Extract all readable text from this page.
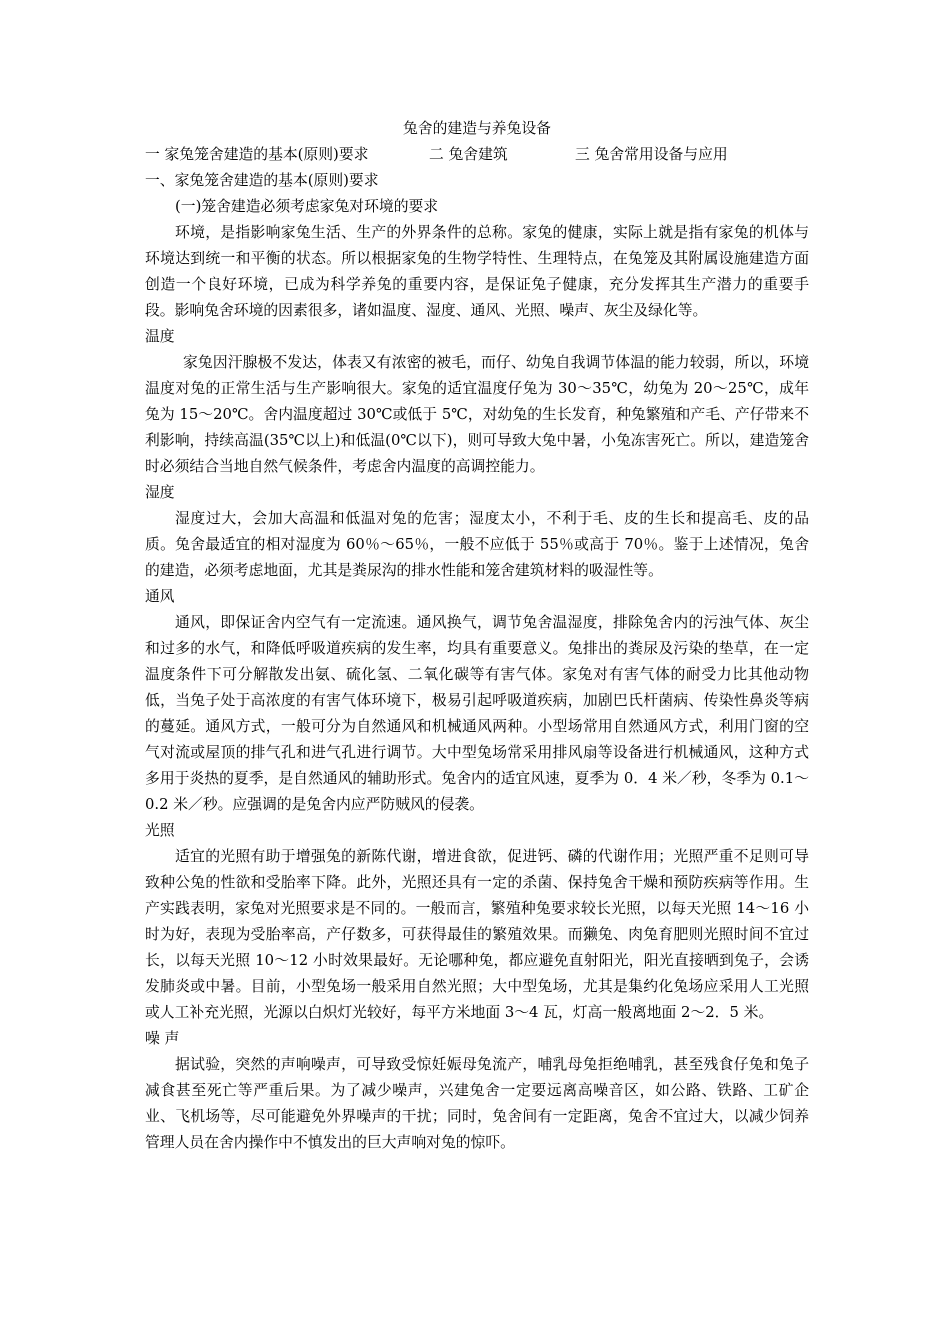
兔舍的建造与养兔设备
一 家兔笼舍建造的基本(原则)要求	二 兔舍建筑	三 兔舍常用设备与应用

一、家兔笼舍建造的基本(原则)要求

(一)笼舍建造必须考虑家兔对环境的要求

环境，是指影响家兔生活、生产的外界条件的总称。家兔的健康，实际上就是指有家兔的机体与环境达到统一和平衡的状态。所以根据家兔的生物学特性、生理特点，在兔笼及其附属设施建造方面创造一个良好环境，已成为科学养兔的重要内容，是保证兔子健康，充分发挥其生产潜力的重要手段。影响兔舍环境的因素很多，诸如温度、湿度、通风、光照、噪声、灰尘及绿化等。

温度

家兔因汗腺极不发达，体表又有浓密的被毛，而仔、幼兔自我调节体温的能力较弱，所以，环境温度对兔的正常生活与生产影响很大。家兔的适宜温度仔兔为 30～35℃，幼兔为 20～25℃，成年兔为 15～20℃。舍内温度超过 30℃或低于 5℃，对幼兔的生长发育，种兔繁殖和产毛、产仔带来不利影响，持续高温(35℃以上)和低温(0℃以下)，则可导致大兔中暑，小兔冻害死亡。所以，建造笼舍时必须结合当地自然气候条件，考虑舍内温度的高调控能力。

湿度

湿度过大，会加大高温和低温对兔的危害；湿度太小，不利于毛、皮的生长和提高毛、皮的品质。兔舍最适宜的相对湿度为 60％～65％，一般不应低于 55％或高于 70％。鉴于上述情况，兔舍的建造，必须考虑地面，尤其是粪尿沟的排水性能和笼舍建筑材料的吸湿性等。

通风

通风，即保证舍内空气有一定流速。通风换气，调节兔舍温湿度，排除兔舍内的污浊气体、灰尘和过多的水气，和降低呼吸道疾病的发生率，均具有重要意义。兔排出的粪尿及污染的垫草，在一定温度条件下可分解散发出氨、硫化氢、二氧化碳等有害气体。家兔对有害气体的耐受力比其他动物低，当兔子处于高浓度的有害气体环境下，极易引起呼吸道疾病，加剧巴氏杆菌病、传染性鼻炎等病的蔓延。通风方式，一般可分为自然通风和机械通风两种。小型场常用自然通风方式，利用门窗的空气对流或屋顶的排气孔和进气孔进行调节。大中型兔场常采用排风扇等设备进行机械通风，这种方式多用于炎热的夏季，是自然通风的辅助形式。兔舍内的适宜风速，夏季为 0．4 米／秒，冬季为 0.1～0.2 米／秒。应强调的是兔舍内应严防贼风的侵袭。

光照

适宜的光照有助于增强兔的新陈代谢，增进食欲，促进钙、磷的代谢作用；光照严重不足则可导致种公兔的性欲和受胎率下降。此外，光照还具有一定的杀菌、保持兔舍干燥和预防疾病等作用。生产实践表明，家兔对光照要求是不同的。一般而言，繁殖种兔要求较长光照，以每天光照 14～16 小时为好，表现为受胎率高，产仔数多，可获得最佳的繁殖效果。而獭兔、肉兔育肥则光照时间不宜过长，以每天光照 10～12 小时效果最好。无论哪种兔，都应避免直射阳光，阳光直接晒到兔子，会诱发肺炎或中暑。目前，小型兔场一般采用自然光照；大中型兔场，尤其是集约化兔场应采用人工光照或人工补充光照，光源以白炽灯光较好，每平方米地面 3～4 瓦，灯高一般离地面 2～2．5 米。

噪 声

据试验，突然的声响噪声，可导致受惊妊娠母兔流产，哺乳母兔拒绝哺乳，甚至残食仔兔和兔子减食甚至死亡等严重后果。为了减少噪声，兴建兔舍一定要远离高噪音区，如公路、铁路、工矿企业、飞机场等，尽可能避免外界噪声的干扰；同时，兔舍间有一定距离，兔舍不宜过大，以减少饲养管理人员在舍内操作中不慎发出的巨大声响对兔的惊吓。
